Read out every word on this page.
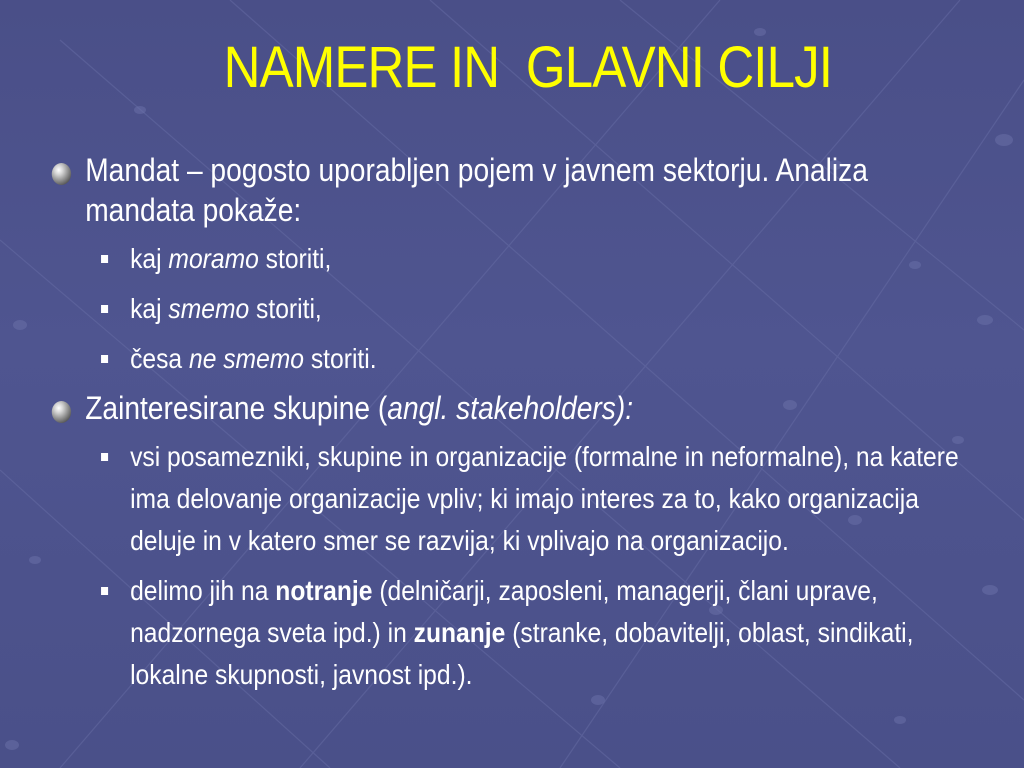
NAMERE IN  GLAVNI CILJI
Mandat – pogosto uporabljen pojem v javnem sektorju. Analiza mandata pokaže:
kaj moramo storiti,
kaj smemo storiti,
česa ne smemo storiti.
Zainteresirane skupine (angl. stakeholders):
vsi posamezniki, skupine in organizacije (formalne in neformalne), na katere ima delovanje organizacije vpliv; ki imajo interes za to, kako organizacija deluje in v katero smer se razvija; ki vplivajo na organizacijo.
delimo jih na notranje (delničarji, zaposleni, managerji, člani uprave, nadzornega sveta ipd.) in zunanje (stranke, dobavitelji, oblast, sindikati, lokalne skupnosti, javnost ipd.).
